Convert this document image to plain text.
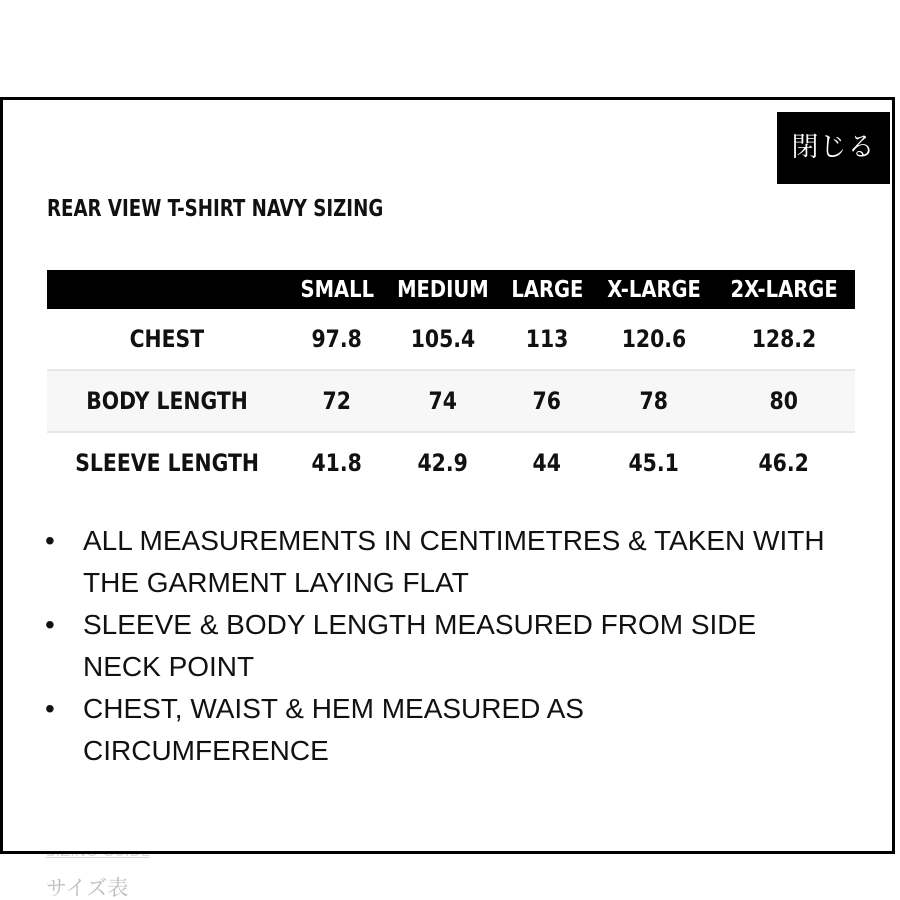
サイズ表
閉じる
REAR VIEW T-SHIRT NAVY SIZING
	SMALL	MEDIUM	LARGE	X-LARGE	2X-LARGE
CHEST	97.8	105.4	113	120.6	128.2
BODY LENGTH	72	74	76	78	80
SLEEVE LENGTH	41.8	42.9	44	45.1	46.2
• ALL MEASUREMENTS IN CENTIMETRES & TAKEN WITH THE GARMENT LAYING FLAT
• SLEEVE & BODY LENGTH MEASURED FROM SIDE NECK POINT
• CHEST, WAIST & HEM MEASURED AS CIRCUMFERENCE
